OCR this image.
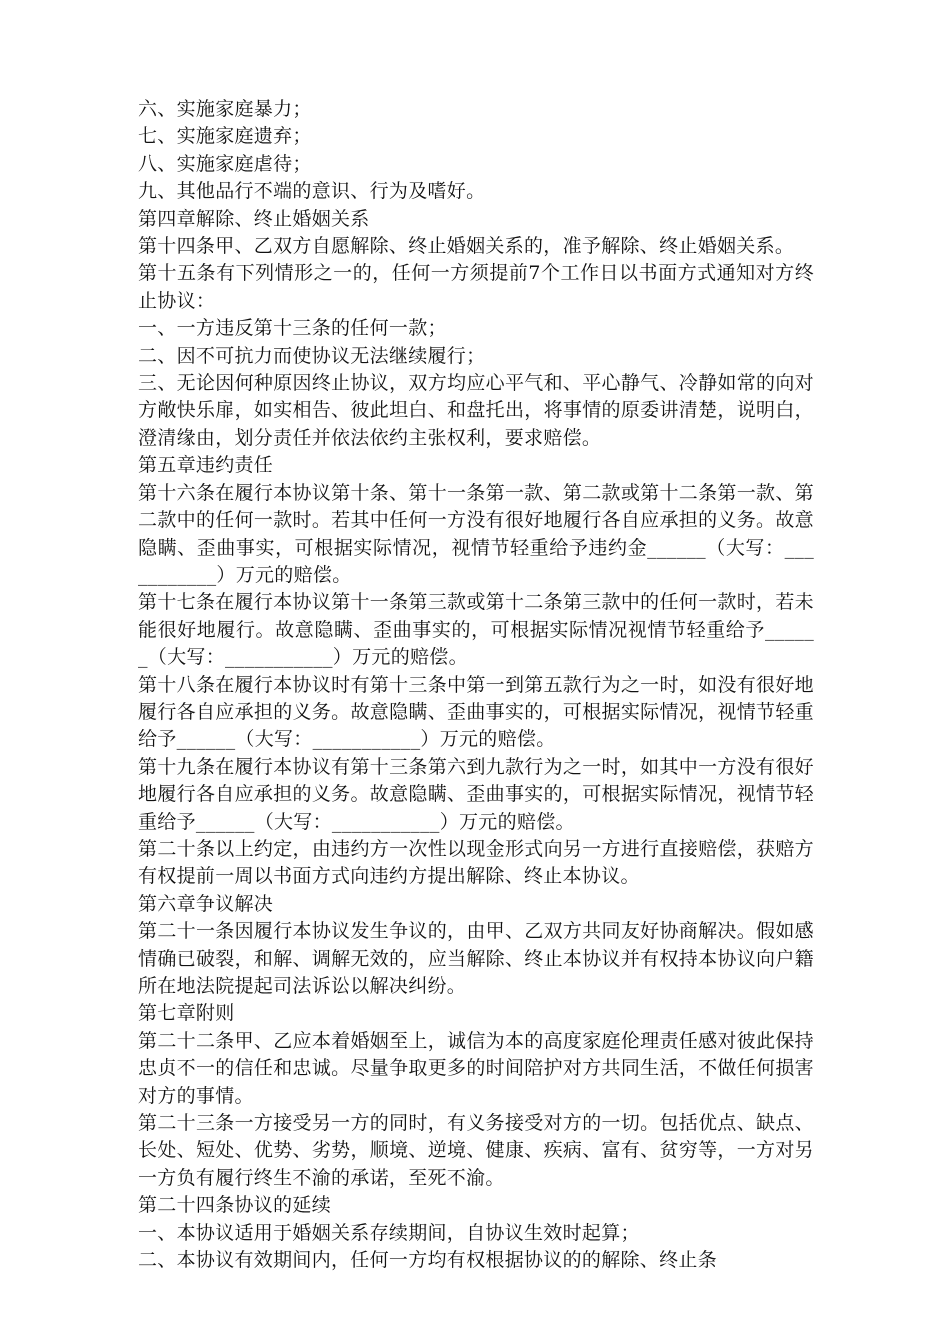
六、实施家庭暴力；

七、实施家庭遗弃；

八、实施家庭虐待；

九、其他品行不端的意识、行为及嗜好。

第四章解除、终止婚姻关系

第十四条甲、乙双方自愿解除、终止婚姻关系的，准予解除、终止婚姻关系。

第十五条有下列情形之一的，任何一方须提前7个工作日以书面方式通知对方终止协议：

一、一方违反第十三条的任何一款；

二、因不可抗力而使协议无法继续履行；

三、无论因何种原因终止协议，双方均应心平气和、平心静气、冷静如常的向对方敞快乐扉，如实相告、彼此坦白、和盘托出，将事情的原委讲清楚，说明白，澄清缘由，划分责任并依法依约主张权利，要求赔偿。

第五章违约责任

第十六条在履行本协议第十条、第十一条第一款、第二款或第十二条第一款、第二款中的任何一款时。若其中任何一方没有很好地履行各自应承担的义务。故意隐瞒、歪曲事实，可根据实际情况，视情节轻重给予违约金______（大写：___________）万元的赔偿。

第十七条在履行本协议第十一条第三款或第十二条第三款中的任何一款时，若未能很好地履行。故意隐瞒、歪曲事实的，可根据实际情况视情节轻重给予______（大写：___________）万元的赔偿。

第十八条在履行本协议时有第十三条中第一到第五款行为之一时，如没有很好地履行各自应承担的义务。故意隐瞒、歪曲事实的，可根据实际情况，视情节轻重给予______（大写：___________）万元的赔偿。

第十九条在履行本协议有第十三条第六到九款行为之一时，如其中一方没有很好地履行各自应承担的义务。故意隐瞒、歪曲事实的，可根据实际情况，视情节轻重给予______（大写：___________）万元的赔偿。

第二十条以上约定，由违约方一次性以现金形式向另一方进行直接赔偿，获赔方有权提前一周以书面方式向违约方提出解除、终止本协议。

第六章争议解决

第二十一条因履行本协议发生争议的，由甲、乙双方共同友好协商解决。假如感情确已破裂，和解、调解无效的，应当解除、终止本协议并有权持本协议向户籍所在地法院提起司法诉讼以解决纠纷。

第七章附则

第二十二条甲、乙应本着婚姻至上，诚信为本的高度家庭伦理责任感对彼此保持忠贞不一的信任和忠诚。尽量争取更多的时间陪护对方共同生活，不做任何损害对方的事情。

第二十三条一方接受另一方的同时，有义务接受对方的一切。包括优点、缺点、长处、短处、优势、劣势，顺境、逆境、健康、疾病、富有、贫穷等，一方对另一方负有履行终生不渝的承诺，至死不渝。

第二十四条协议的延续

一、本协议适用于婚姻关系存续期间，自协议生效时起算；

二、本协议有效期间内，任何一方均有权根据协议的的解除、终止条
